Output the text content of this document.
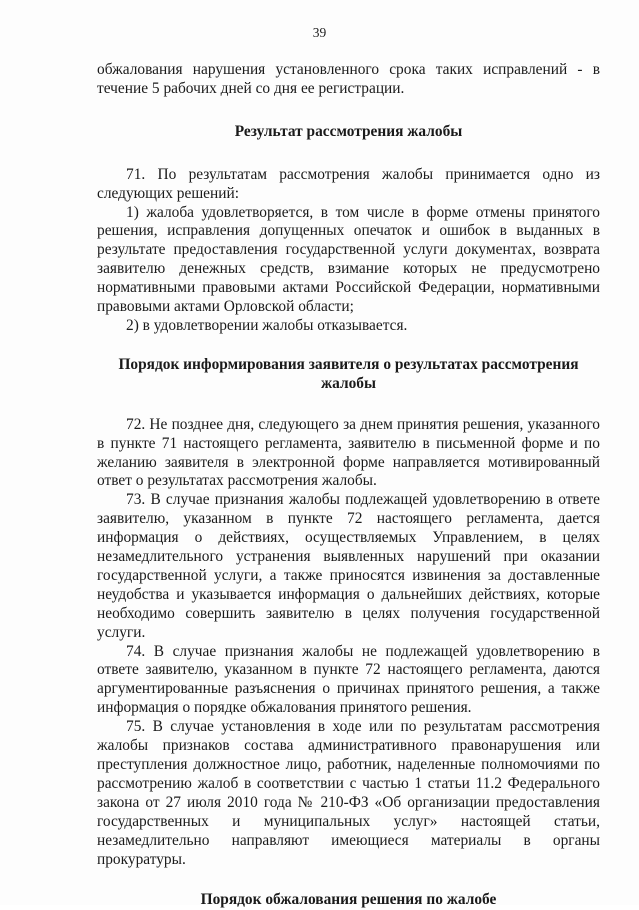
39

обжалования нарушения установленного срока таких исправлений - в течение 5 рабочих дней со дня ее регистрации.

Результат рассмотрения жалобы

71. По результатам рассмотрения жалобы принимается одно из следующих решений:

1) жалоба удовлетворяется, в том числе в форме отмены принятого решения, исправления допущенных опечаток и ошибок в выданных в результате предоставления государственной услуги документах, возврата заявителю денежных средств, взимание которых не предусмотрено нормативными правовыми актами Российской Федерации, нормативными правовыми актами Орловской области;

2) в удовлетворении жалобы отказывается.

Порядок информирования заявителя о результатах рассмотрения жалобы

72. Не позднее дня, следующего за днем принятия решения, указанного в пункте 71 настоящего регламента, заявителю в письменной форме и по желанию заявителя в электронной форме направляется мотивированный ответ о результатах рассмотрения жалобы.

73. В случае признания жалобы подлежащей удовлетворению в ответе заявителю, указанном в пункте 72 настоящего регламента, дается информация о действиях, осуществляемых Управлением, в целях незамедлительного устранения выявленных нарушений при оказании государственной услуги, а также приносятся извинения за доставленные неудобства и указывается информация о дальнейших действиях, которые необходимо совершить заявителю в целях получения государственной услуги.

74. В случае признания жалобы не подлежащей удовлетворению в ответе заявителю, указанном в пункте 72 настоящего регламента, даются аргументированные разъяснения о причинах принятого решения, а также информация о порядке обжалования принятого решения.

75. В случае установления в ходе или по результатам рассмотрения жалобы признаков состава административного правонарушения или преступления должностное лицо, работник, наделенные полномочиями по рассмотрению жалоб в соответствии с частью 1 статьи 11.2 Федерального закона от 27 июля 2010 года № 210-ФЗ «Об организации предоставления государственных и муниципальных услуг» настоящей статьи, незамедлительно направляют имеющиеся материалы в органы прокуратуры.

Порядок обжалования решения по жалобе
